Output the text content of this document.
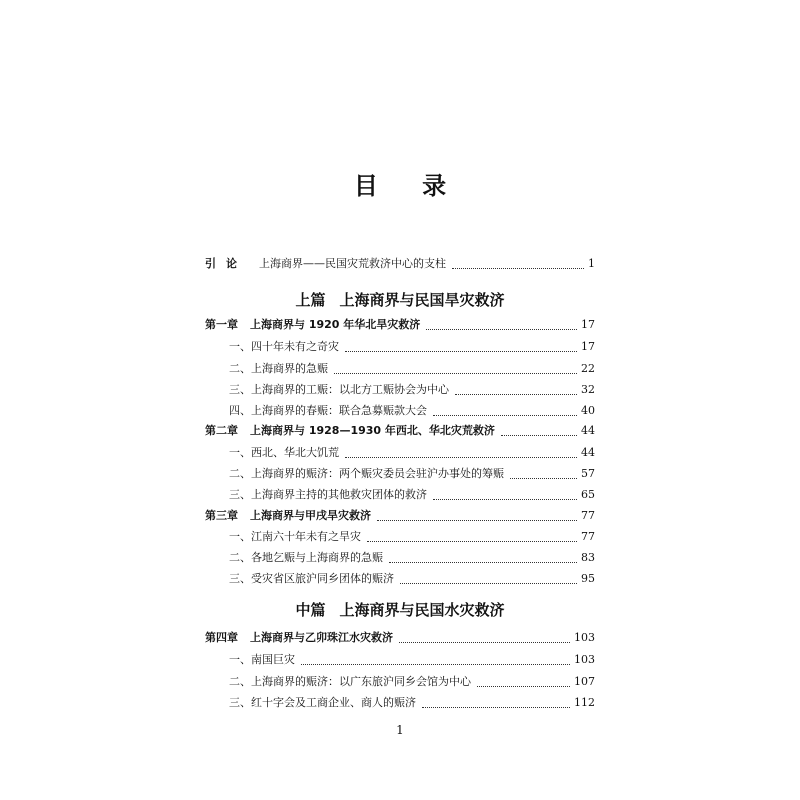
目 录
引论 上海商界——民国灾荒救济中心的支柱	1
上篇 上海商界与民国旱灾救济
第一章 上海商界与 1920 年华北旱灾救济	17
一、四十年未有之奇灾	17
二、上海商界的急赈	22
三、上海商界的工赈：以北方工赈协会为中心	32
四、上海商界的春赈：联合急募赈款大会	40
第二章 上海商界与 1928—1930 年西北、华北灾荒救济	44
一、西北、华北大饥荒	44
二、上海商界的赈济：两个赈灾委员会驻沪办事处的筹赈	57
三、上海商界主持的其他救灾团体的救济	65
第三章 上海商界与甲戌旱灾救济	77
一、江南六十年未有之旱灾	77
二、各地乞赈与上海商界的急赈	83
三、受灾省区旅沪同乡团体的赈济	95
中篇 上海商界与民国水灾救济
第四章 上海商界与乙卯珠江水灾救济	103
一、南国巨灾	103
二、上海商界的赈济：以广东旅沪同乡会馆为中心	107
三、红十字会及工商企业、商人的赈济	112
1
